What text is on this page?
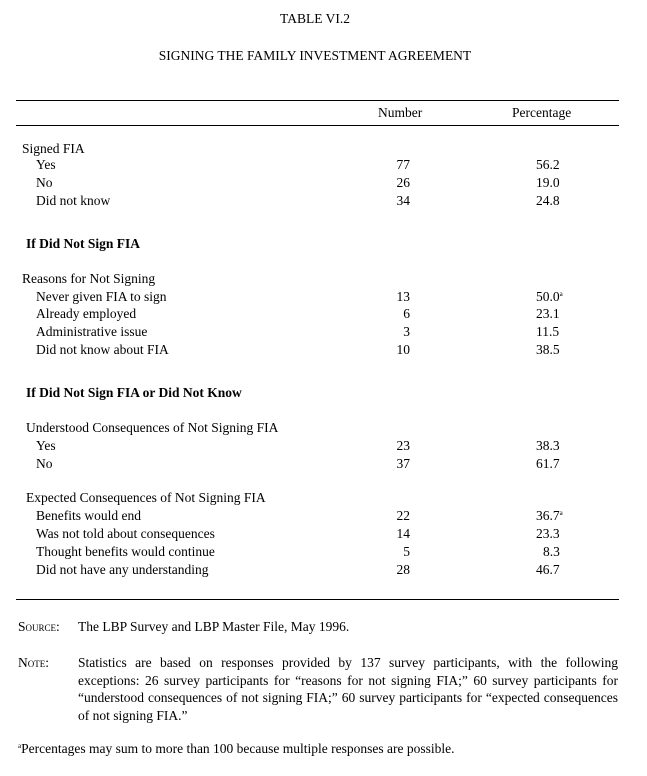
TABLE VI.2
SIGNING THE FAMILY INVESTMENT AGREEMENT
Number	Percentage
Signed FIA
Yes	77	56.2
No	26	19.0
Did not know	34	24.8
If Did Not Sign FIA
Reasons for Not Signing
Never given FIA to sign	13	50.0$^a$
Already employed	6	23.1
Administrative issue	3	11.5
Did not know about FIA	10	38.5
If Did Not Sign FIA or Did Not Know
Understood Consequences of Not Signing FIA
Yes	23	38.3
No	37	61.7
Expected Consequences of Not Signing FIA
Benefits would end	22	36.7$^a$
Was not told about consequences	14	23.3
Thought benefits would continue	5	8.3
Did not have any understanding	28	46.7
Source: The LBP Survey and LBP Master File, May 1996.
Note: Statistics are based on responses provided by 137 survey participants, with the following exceptions: 26 survey participants for “reasons for not signing FIA;” 60 survey participants for “understood consequences of not signing FIA;” 60 survey participants for “expected consequences of not signing FIA.”
$^a$Percentages may sum to more than 100 because multiple responses are possible.
